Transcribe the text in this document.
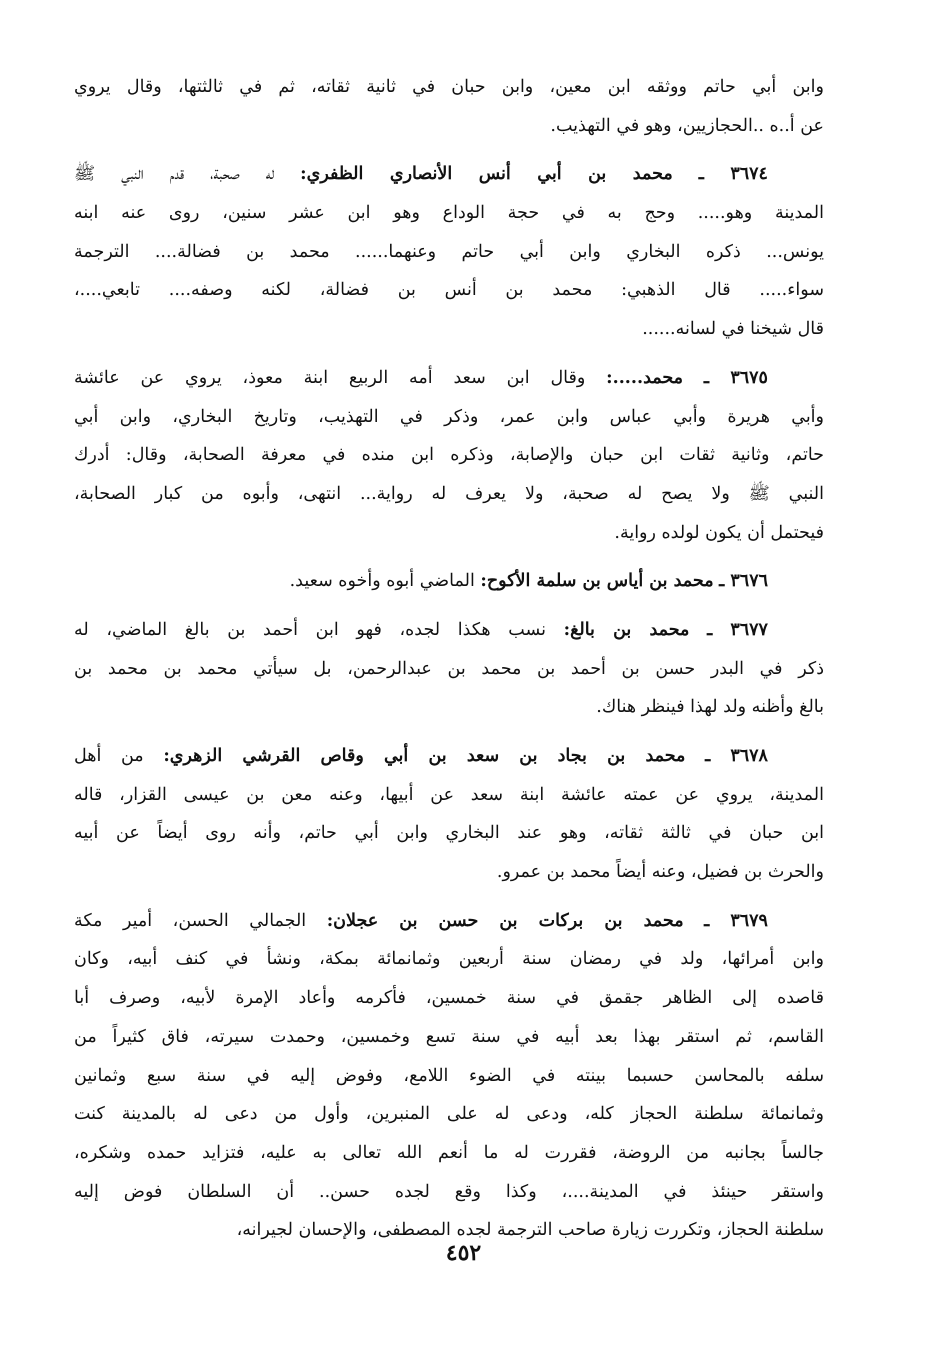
وابن أبي حاتم ووثقه ابن معين، وابن حبان في ثانية ثقاته، ثم في ثالثتها، وقال يروي
عن أ..ه ..الحجازيين، وهو في التهذيب.
٣٦٧٤ ـ محمد بن أبي أنس الأنصاري الظفري: له صحبة، قدم النبي ﷺ
المدينة وهو..... وحج به في حجة الوداع وهو ابن عشر سنين، روى عنه ابنه
يونس... ذكره البخاري وابن أبي حاتم وعنهما...... محمد بن فضالة.... الترجمة
سواء..... قال الذهبي: محمد بن أنس بن فضالة، لكنه وصفه.... تابعي....،
قال شيخنا في لسانه......
٣٦٧٥ ـ محمد.....: وقال ابن سعد أمه الربيع ابنة معوذ، يروي عن عائشة
وأبي هريرة وأبي عباس وابن عمر، وذكر في التهذيب، وتاريخ البخاري، وابن أبي
حاتم، وثانية ثقات ابن حبان والإصابة، وذكره ابن منده في معرفة الصحابة، وقال: أدرك
النبي ﷺ ولا يصح له صحبة، ولا يعرف له رواية... انتهى، وأبوه من كبار الصحابة،
فيحتمل أن يكون لولده رواية.
٣٦٧٦ ـ محمد بن أياس بن سلمة الأكوح: الماضي أبوه وأخوه سعيد.
٣٦٧٧ ـ محمد بن بالغ: نسب هكذا لجده، فهو ابن أحمد بن بالغ الماضي، له
ذكر في البدر حسن بن أحمد بن محمد بن عبدالرحمن، بل سيأتي محمد بن محمد بن
بالغ وأظنه ولد لهذا فينظر هناك.
٣٦٧٨ ـ محمد بن بجاد بن سعد بن أبي وقاص القرشي الزهري: من أهل
المدينة، يروي عن عمته عائشة ابنة سعد عن أبيها، وعنه معن بن عيسى القزار، قاله
ابن حبان في ثالثة ثقاته، وهو عند البخاري وابن أبي حاتم، وأنه روى أيضاً عن أبيه
والحرث بن فضيل، وعنه أيضاً محمد بن عمرو.
٣٦٧٩ ـ محمد بن بركات بن حسن بن عجلان: الجمالي الحسن، أمير مكة
وابن أمرائها، ولد في رمضان سنة أربعين وثمانمائة بمكة، ونشأ في كنف أبيه، وكان
قاصده إلى الظاهر جقمق في سنة خمسين، فأكرمه وأعاد الإمرة لأبيه، وصرف أبا
القاسم، ثم استقر بهذا بعد أبيه في سنة تسع وخمسين، وحمدت سيرته، فاق كثيراً من
سلفه بالمحاسن حسبما بينته في الضوء اللامع، وفوض إليه في سنة سبع وثمانين
وثمانمائة سلطنة الحجاز كله، ودعى له على المنبرين، وأول من دعى له بالمدينة كنت
جالساً بجانبه من الروضة، فقررت له ما أنعم الله تعالى به عليه، فتزايد حمده وشكره،
واستقر حينئذ في المدينة....، وكذا وقع لجده حسن.. أن السلطان فوض إليه
سلطنة الحجاز، وتكررت زيارة صاحب الترجمة لجده المصطفى، والإحسان لجيرانه،
٤٥٢
